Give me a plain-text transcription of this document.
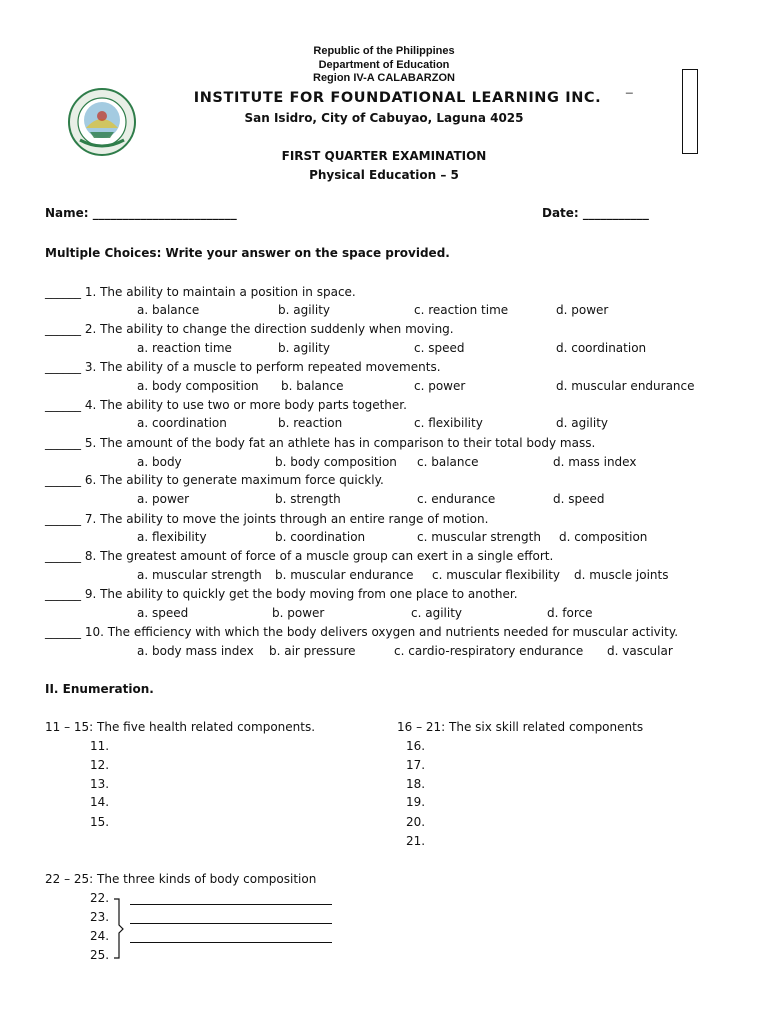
Republic of the Philippines
Department of Education
Region IV-A CALABARZON
INSTITUTE FOR FOUNDATIONAL LEARNING INC.
San Isidro, City of Cabuyao, Laguna 4025
_
FIRST QUARTER EXAMINATION
Physical Education – 5
Name: ________________________	Date: ___________
Multiple Choices: Write your answer on the space provided.
______ 1. The ability to maintain a position in space.
a. balance	b. agility	c. reaction time	d. power
______ 2. The ability to change the direction suddenly when moving.
a. reaction time	b. agility	c. speed	d. coordination
______ 3. The ability of a muscle to perform repeated movements.
a. body composition b. balance	c. power	d. muscular endurance
______ 4. The ability to use two or more body parts together.
a. coordination	b. reaction	c. flexibility	d. agility
______ 5. The amount of the body fat an athlete has in comparison to their total body mass.
a. body	b. body composition c. balance	d. mass index
______ 6. The ability to generate maximum force quickly.
a. power	b. strength	c. endurance	d. speed
______ 7. The ability to move the joints through an entire range of motion.
a. flexibility	b. coordination	c. muscular strength d. composition
______ 8. The greatest amount of force of a muscle group can exert in a single effort.
a. muscular strength b. muscular endurance c. muscular flexibility d. muscle joints
______ 9. The ability to quickly get the body moving from one place to another.
a. speed	b. power	c. agility	d. force
______ 10. The efficiency with which the body delivers oxygen and nutrients needed for muscular activity.
a. body mass index b. air pressure	c. cardio-respiratory endurance d. vascular
II. Enumeration.
11 – 15: The five health related components.
11.
12.
13.
14.
15.
16 – 21: The six skill related components
16.
17.
18.
19.
20.
21.
22 – 25: The three kinds of body composition
22.
23.
24.
25.
